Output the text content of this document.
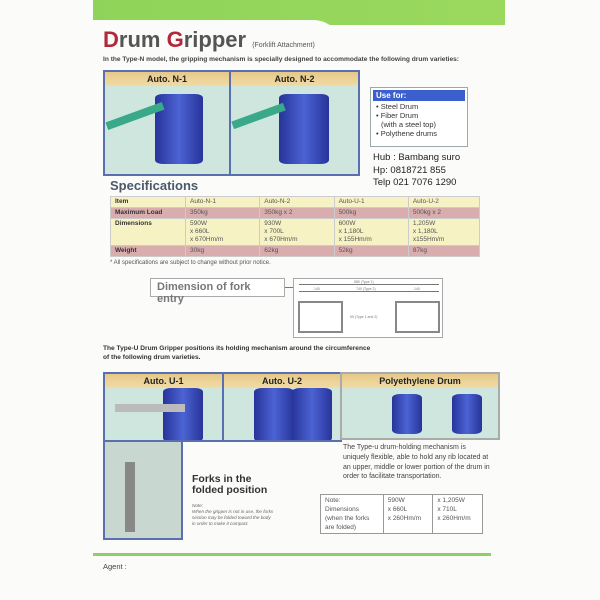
Drum Gripper (Forklift Attachment)
In the Type-N model, the gripping mechanism is specially designed to accommodate the following drum varieties:
Auto. N-1	Auto. N-2
Use for:
• Steel Drum
• Fiber Drum
(with a steel top)
• Polythene drums
Hub : Bambang suro
Hp: 0818721 855
Telp 021 7076 1290
Specifications
Item	Auto-N-1	Auto-N-2	Auto-U-1	Auto-U-2
Maximum Load	350kg	350kg x 2	500kg	500kg x 2
Dimensions	590W
x 660L
x 670Hm/m	930W
x 700L
x 670Hm/m	600W
x 1,180L
x 155Hm/m	1,205W
x 1,180L
x155Hm/m
Weight	30kg	62kg	52kg	87kg
* All specifications are subject to change without prior notice.
Dimension of fork entry
580 (Type 1)
740 (Type 2)
140	140
55 (Type 1 and 2)
The Type-U Drum Gripper positions its holding mechanism around the circumference
of the following drum varieties.
Auto. U-1	Auto. U-2	Polyethylene Drum
Forks in the
folded position
Note:
When the gripper is not in use, the forks
section may be folded toward the body
in order to make it compact.
The Type-u drum-holding mechanism is uniquely flexible, able to hold any rib located at an upper, middle or lower portion of the drum in order to facilitate transportation.
Note:
Dimensions
(when the forks
are folded)

590W
x 660L
x 260Hm/m

x 1,205W
x 710L
x 260Hm/m
Agent :
